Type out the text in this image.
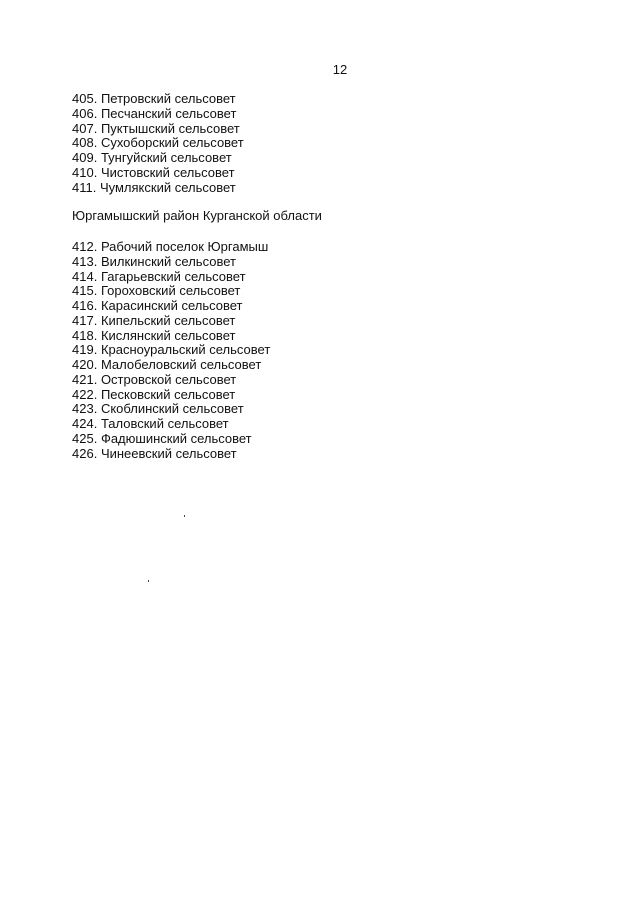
12
405. Петровский сельсовет
406. Песчанский сельсовет
407. Пуктышский сельсовет
408. Сухоборский сельсовет
409. Тунгуйский сельсовет
410. Чистовский сельсовет
411. Чумлякский сельсовет
Юргамышский район Курганской области
412. Рабочий поселок Юргамыш
413. Вилкинский сельсовет
414. Гагарьевский сельсовет
415. Гороховский сельсовет
416. Карасинский сельсовет
417. Кипельский сельсовет
418. Кислянский сельсовет
419. Красноуральский сельсовет
420. Малобеловский сельсовет
421. Островской сельсовет
422. Песковский сельсовет
423. Скоблинский сельсовет
424. Таловский сельсовет
425. Фадюшинский сельсовет
426. Чинеевский сельсовет
